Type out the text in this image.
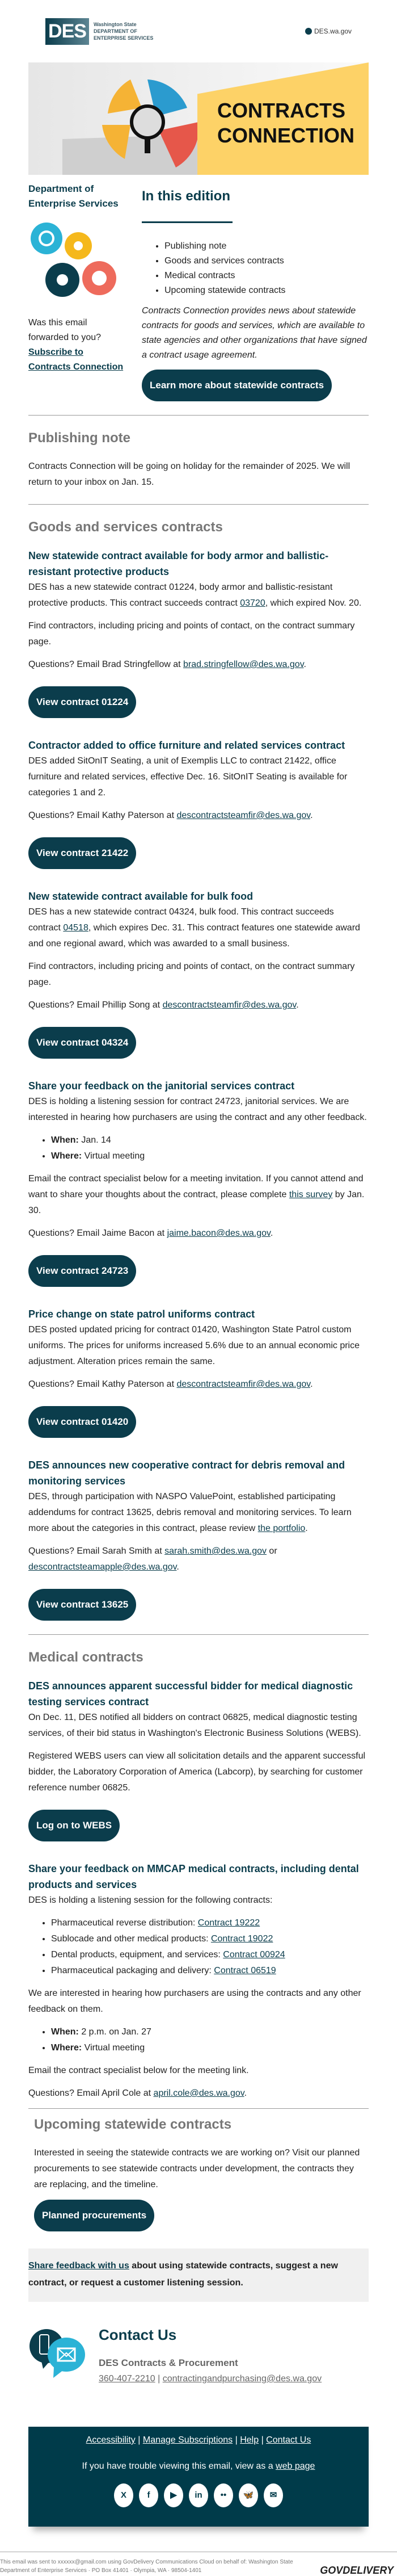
DES	Washington State
DEPARTMENT OF
ENTERPRISE SERVICES
DES.wa.gov
CONTRACTS
CONNECTION
Department of Enterprise Services

Was this email forwarded to you?
Subscribe to Contracts Connection

In this edition
• Publishing note
• Goods and services contracts
• Medical contracts
• Upcoming statewide contracts

Contracts Connection provides news about statewide contracts for goods and services, which are available to state agencies and other organizations that have signed a contract usage agreement.

Learn more about statewide contracts
Publishing note

Contracts Connection will be going on holiday for the remainder of 2025. We will return to your inbox on Jan. 15.

Goods and services contracts
New statewide contract available for body armor and ballistic-resistant protective products

DES has a new statewide contract 01224, body armor and ballistic-resistant protective products. This contract succeeds contract 03720, which expired Nov. 20.

Find contractors, including pricing and points of contact, on the contract summary page.

Questions? Email Brad Stringfellow at brad.stringfellow@des.wa.gov.

View contract 01224
Contractor added to office furniture and related services contract

DES added SitOnIT Seating, a unit of Exemplis LLC to contract 21422, office furniture and related services, effective Dec. 16. SitOnIT Seating is available for categories 1 and 2.

Questions? Email Kathy Paterson at descontractsteamfir@des.wa.gov.

View contract 21422
New statewide contract available for bulk food

DES has a new statewide contract 04324, bulk food. This contract succeeds contract 04518, which expires Dec. 31. This contract features one statewide award and one regional award, which was awarded to a small business.

Find contractors, including pricing and points of contact, on the contract summary page.

Questions? Email Phillip Song at descontractsteamfir@des.wa.gov.

View contract 04324
Share your feedback on the janitorial services contract

DES is holding a listening session for contract 24723, janitorial services. We are interested in hearing how purchasers are using the contract and any other feedback.

• When: Jan. 14
• Where: Virtual meeting

Email the contract specialist below for a meeting invitation. If you cannot attend and want to share your thoughts about the contract, please complete this survey by Jan. 30.

Questions? Email Jaime Bacon at jaime.bacon@des.wa.gov.

View contract 24723
Price change on state patrol uniforms contract

DES posted updated pricing for contract 01420, Washington State Patrol custom uniforms. The prices for uniforms increased 5.6% due to an annual economic price adjustment. Alteration prices remain the same.

Questions? Email Kathy Paterson at descontractsteamfir@des.wa.gov.

View contract 01420
DES announces new cooperative contract for debris removal and monitoring services

DES, through participation with NASPO ValuePoint, established participating addendums for contract 13625, debris removal and monitoring services. To learn more about the categories in this contract, please review the portfolio.

Questions? Email Sarah Smith at sarah.smith@des.wa.gov or descontractsteamapple@des.wa.gov.

View contract 13625
Medical contracts
DES announces apparent successful bidder for medical diagnostic testing services contract

On Dec. 11, DES notified all bidders on contract 06825, medical diagnostic testing services, of their bid status in Washington's Electronic Business Solutions (WEBS).

Registered WEBS users can view all solicitation details and the apparent successful bidder, the Laboratory Corporation of America (Labcorp), by searching for customer reference number 06825.

Log on to WEBS
Share your feedback on MMCAP medical contracts, including dental products and services

DES is holding a listening session for the following contracts:

• Pharmaceutical reverse distribution: Contract 19222
• Sublocade and other medical products: Contract 19022
• Dental products, equipment, and services: Contract 00924
• Pharmaceutical packaging and delivery: Contract 06519

We are interested in hearing how purchasers are using the contracts and any other feedback on them.

• When: 2 p.m. on Jan. 27
• Where: Virtual meeting

Email the contract specialist below for the meeting link.

Questions? Email April Cole at april.cole@des.wa.gov.

Upcoming statewide contracts

Interested in seeing the statewide contracts we are working on? Visit our planned procurements to see statewide contracts under development, the contracts they are replacing, and the timeline.

Planned procurements
Share feedback with us about using statewide contracts, suggest a new contract, or request a customer listening session.
Contact Us
DES Contracts & Procurement
360-407-2210 | contractingandpurchasing@des.wa.gov
Accessibility | Manage Subscriptions | Help | Contact Us
If you have trouble viewing this email, view as a web page
X	f	▶	in	••	🦋	✉
This email was sent to xxxxxx@gmail.com using GovDelivery Communications Cloud on behalf of: Washington State Department of Enterprise Services · PO Box 41401 · Olympia, WA · 98504-1401	GOVDELIVERY
